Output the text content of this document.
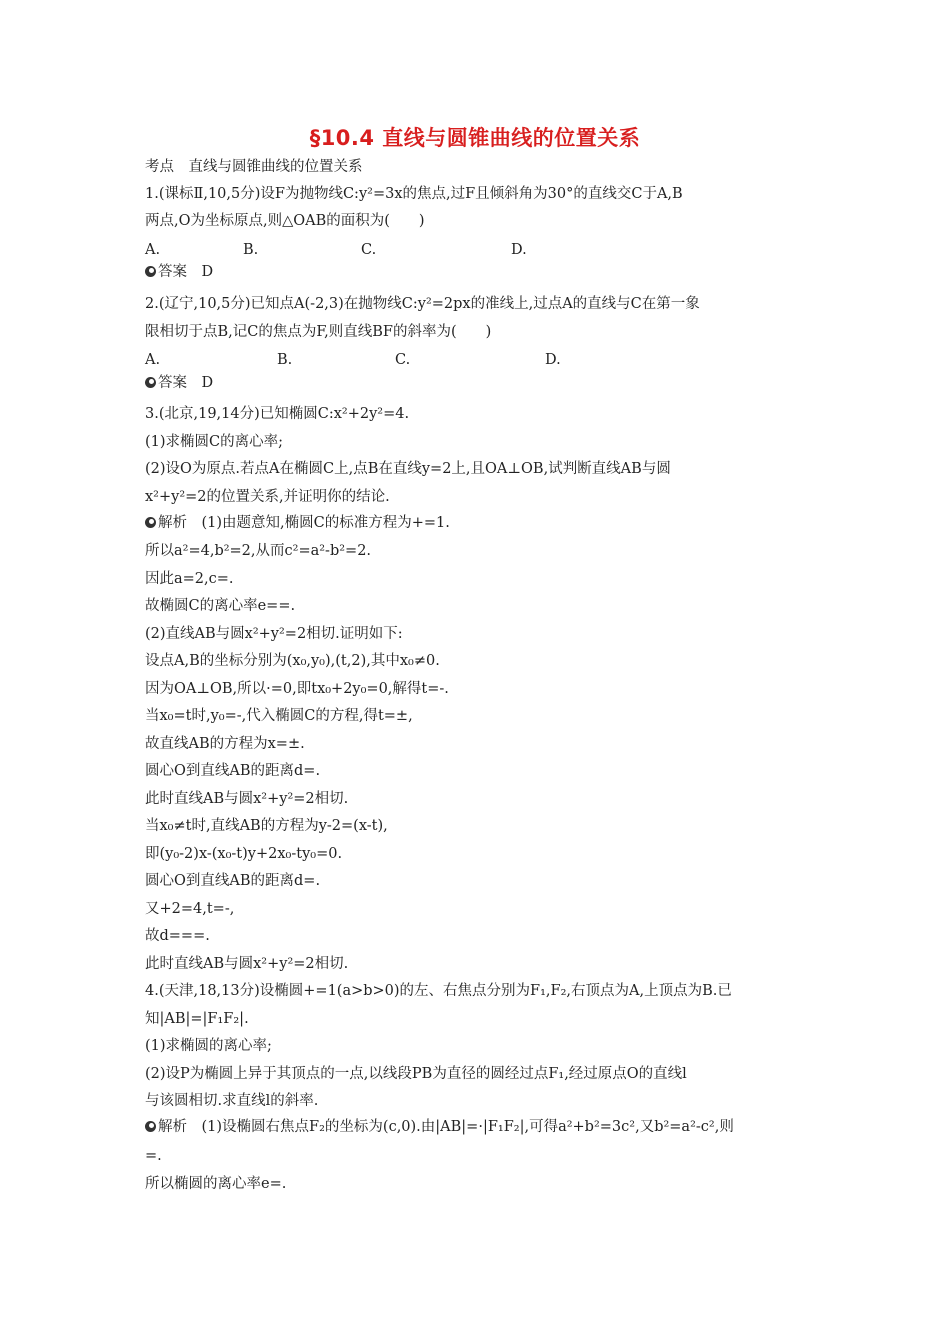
§10.4 直线与圆锥曲线的位置关系
考点　直线与圆锥曲线的位置关系
1.(课标Ⅱ,10,5分)设F为抛物线C:y²=3x的焦点,过F且倾斜角为30°的直线交C于A,B
两点,O为坐标原点,则△OAB的面积为(　　)
A.	B.	C.	D.
答案　D
2.(辽宁,10,5分)已知点A(-2,3)在抛物线C:y²=2px的准线上,过点A的直线与C在第一象
限相切于点B,记C的焦点为F,则直线BF的斜率为(　　)
A.	B.	C.	D.
答案　D
3.(北京,19,14分)已知椭圆C:x²+2y²=4.
(1)求椭圆C的离心率;
(2)设O为原点.若点A在椭圆C上,点B在直线y=2上,且OA⊥OB,试判断直线AB与圆
x²+y²=2的位置关系,并证明你的结论.
解析　(1)由题意知,椭圆C的标准方程为+=1.
所以a²=4,b²=2,从而c²=a²-b²=2.
因此a=2,c=.
故椭圆C的离心率e==.
(2)直线AB与圆x²+y²=2相切.证明如下:
设点A,B的坐标分别为(x₀,y₀),(t,2),其中x₀≠0.
因为OA⊥OB,所以·=0,即tx₀+2y₀=0,解得t=-.
当x₀=t时,y₀=-,代入椭圆C的方程,得t=±,
故直线AB的方程为x=±.
圆心O到直线AB的距离d=.
此时直线AB与圆x²+y²=2相切.
当x₀≠t时,直线AB的方程为y-2=(x-t),
即(y₀-2)x-(x₀-t)y+2x₀-ty₀=0.
圆心O到直线AB的距离d=.
又+2=4,t=-,
故d===.
此时直线AB与圆x²+y²=2相切.
4.(天津,18,13分)设椭圆+=1(a>b>0)的左、右焦点分别为F₁,F₂,右顶点为A,上顶点为B.已
知|AB|=|F₁F₂|.
(1)求椭圆的离心率;
(2)设P为椭圆上异于其顶点的一点,以线段PB为直径的圆经过点F₁,经过原点O的直线l
与该圆相切.求直线l的斜率.
解析　(1)设椭圆右焦点F₂的坐标为(c,0).由|AB|=·|F₁F₂|,可得a²+b²=3c²,又b²=a²-c²,则
=.
所以椭圆的离心率e=.
